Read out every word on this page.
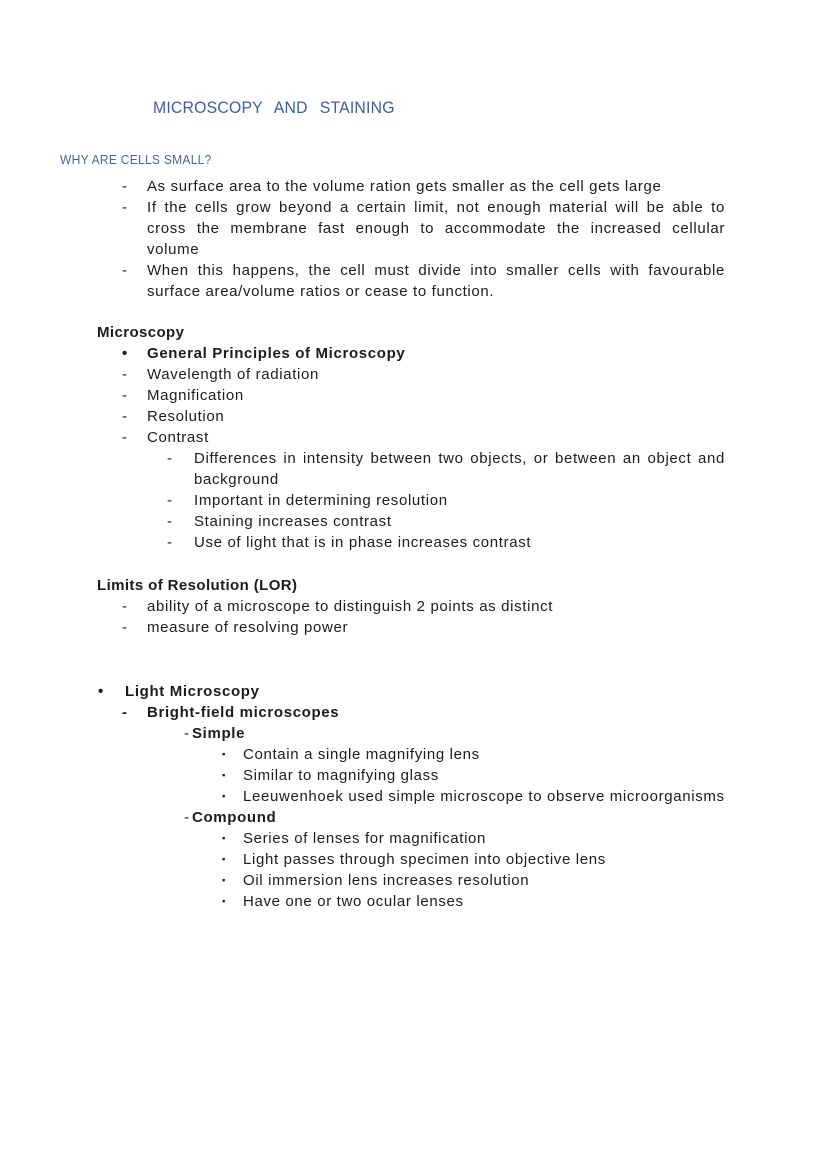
MICROSCOPY AND STAINING
WHY ARE CELLS SMALL?
- As surface area to the volume ration gets smaller as the cell gets large
- If the cells grow beyond a certain limit, not enough material will be able to cross the membrane fast enough to accommodate the increased cellular volume
- When this happens, the cell must divide into smaller cells with favourable surface area/volume ratios or cease to function.
Microscopy
• General Principles of Microscopy
- Wavelength of radiation
- Magnification
- Resolution
- Contrast
- Differences in intensity between two objects, or between an object and background
- Important in determining resolution
- Staining increases contrast
- Use of light that is in phase increases contrast
Limits of Resolution (LOR)
- ability of a microscope to distinguish 2 points as distinct
- measure of resolving power
• Light Microscopy
- Bright-field microscopes
- Simple
▪ Contain a single magnifying lens
▪ Similar to magnifying glass
▪ Leeuwenhoek used simple microscope to observe microorganisms
- Compound
▪ Series of lenses for magnification
▪ Light passes through specimen into objective lens
▪ Oil immersion lens increases resolution
▪ Have one or two ocular lenses
